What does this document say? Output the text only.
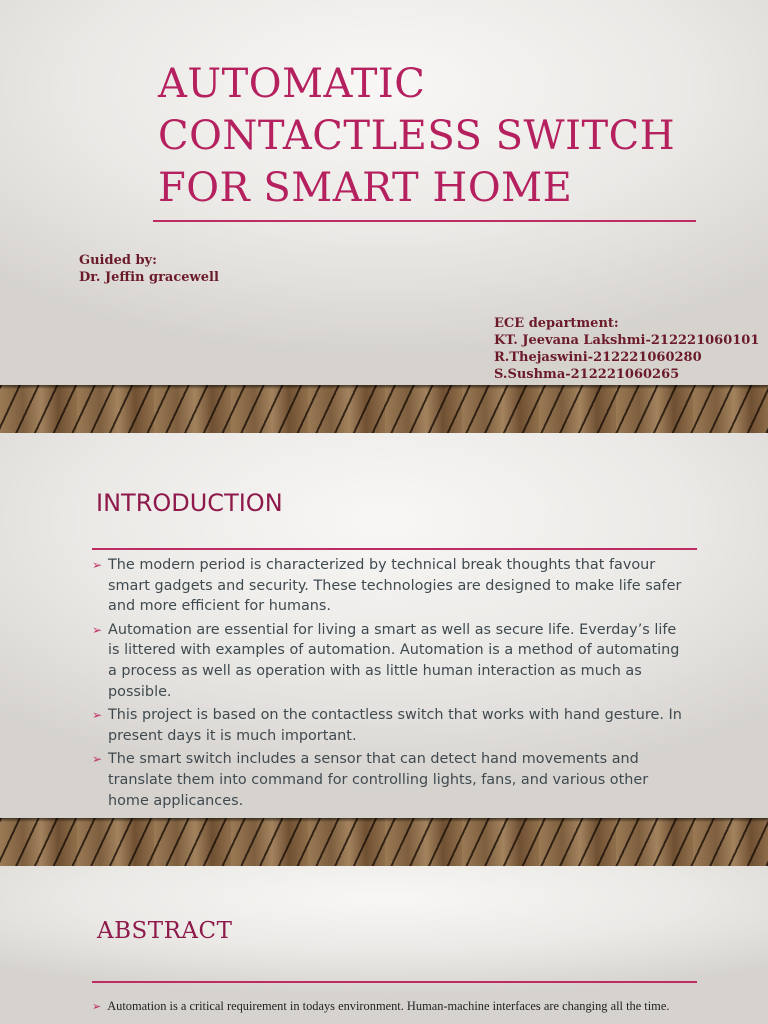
AUTOMATIC
CONTACTLESS SWITCH
FOR SMART HOME
Guided by:
Dr. Jeffin gracewell
ECE department:
KT. Jeevana Lakshmi-212221060101
R.Thejaswini-212221060280
S.Sushma-212221060265
INTRODUCTION
➢ The modern period is characterized by technical break thoughts that favour smart gadgets and security. These technologies are designed to make life safer and more efficient for humans.
➢ Automation are essential for living a smart as well as secure life. Everday’s life is littered with examples of automation. Automation is a method of automating a process as well as operation with as little human interaction as much as possible.
➢ This project is based on the contactless switch that works with hand gesture. In present days it is much important.
➢ The smart switch includes a sensor that can detect hand movements and translate them into command for controlling lights, fans, and various other home applicances.
ABSTRACT
➢ Automation is a critical requirement in todays environment. Human-machine interfaces are changing all the time.
